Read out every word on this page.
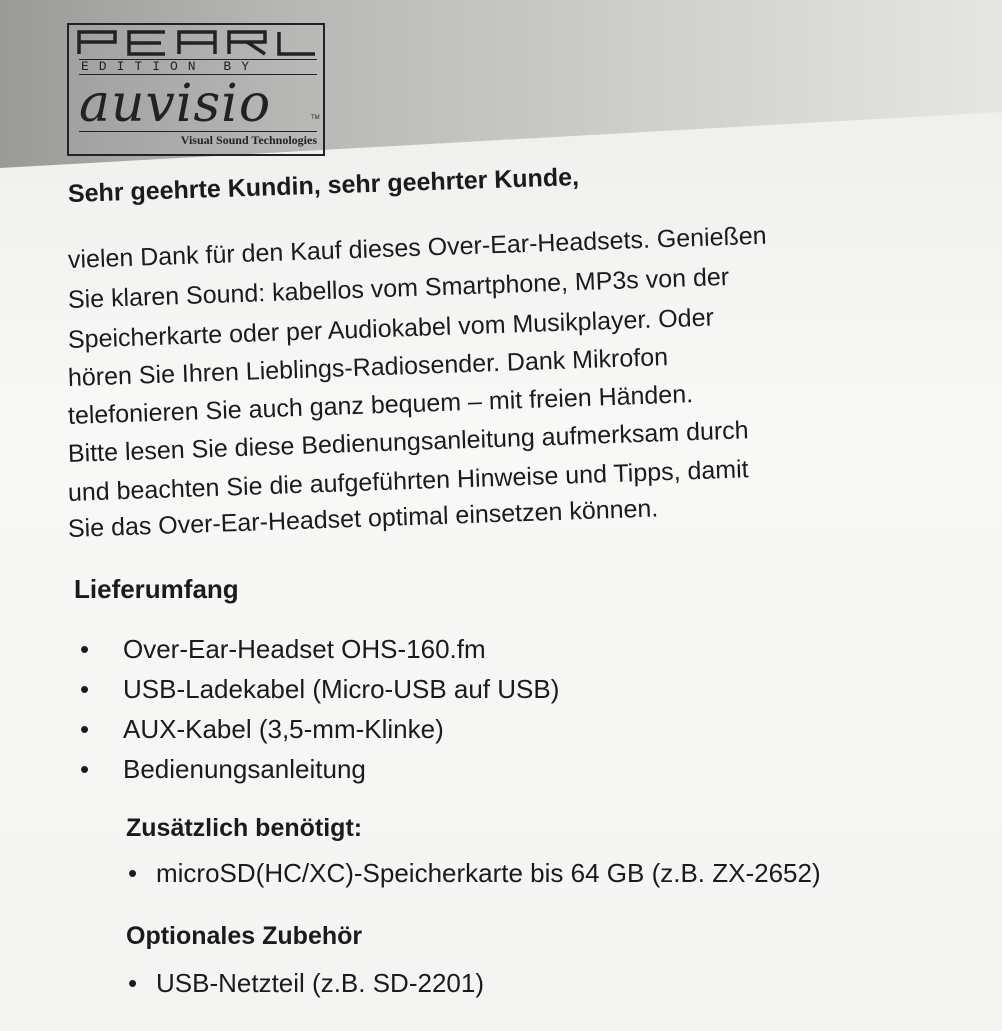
EDITION BY
auvisio	TM
Visual Sound Technologies
Sehr geehrte Kundin, sehr geehrter Kunde,
vielen Dank für den Kauf dieses Over-Ear-Headsets. Genießen
Sie klaren Sound: kabellos vom Smartphone, MP3s von der
Speicherkarte oder per Audiokabel vom Musikplayer. Oder
hören Sie Ihren Lieblings-Radiosender. Dank Mikrofon
telefonieren Sie auch ganz bequem – mit freien Händen.
Bitte lesen Sie diese Bedienungsanleitung aufmerksam durch
und beachten Sie die aufgeführten Hinweise und Tipps, damit
Sie das Over-Ear-Headset optimal einsetzen können.
Lieferumfang
• Over-Ear-Headset OHS-160.fm
• USB-Ladekabel (Micro-USB auf USB)
• AUX-Kabel (3,5-mm-Klinke)
• Bedienungsanleitung
Zusätzlich benötigt:
• microSD(HC/XC)-Speicherkarte bis 64 GB (z.B. ZX-2652)
Optionales Zubehör
• USB-Netzteil (z.B. SD-2201)
